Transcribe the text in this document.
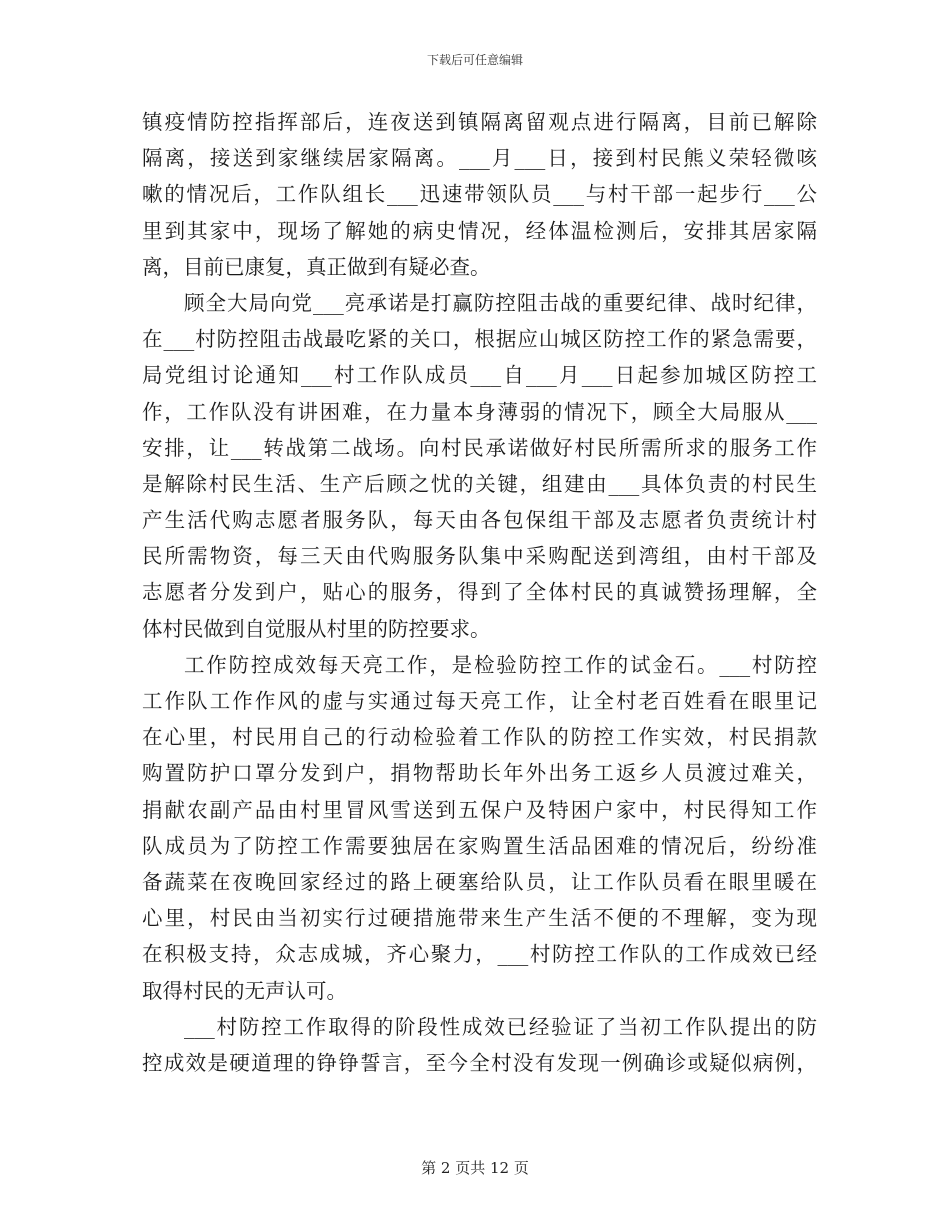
下载后可任意编辑
镇疫情防控指挥部后，连夜送到镇隔离留观点进行隔离，目前已解除
隔离，接送到家继续居家隔离。___月___日，接到村民熊义荣轻微咳
嗽的情况后，工作队组长___迅速带领队员___与村干部一起步行___公
里到其家中，现场了解她的病史情况，经体温检测后，安排其居家隔
离，目前已康复，真正做到有疑必查。
顾全大局向党___亮承诺是打赢防控阻击战的重要纪律、战时纪律，
在___村防控阻击战最吃紧的关口，根据应山城区防控工作的紧急需要，
局党组讨论通知___村工作队成员___自___月___日起参加城区防控工
作，工作队没有讲困难，在力量本身薄弱的情况下，顾全大局服从___
安排，让___转战第二战场。向村民承诺做好村民所需所求的服务工作
是解除村民生活、生产后顾之忧的关键，组建由___具体负责的村民生
产生活代购志愿者服务队，每天由各包保组干部及志愿者负责统计村
民所需物资，每三天由代购服务队集中采购配送到湾组，由村干部及
志愿者分发到户，贴心的服务，得到了全体村民的真诚赞扬理解，全
体村民做到自觉服从村里的防控要求。
工作防控成效每天亮工作，是检验防控工作的试金石。___村防控
工作队工作作风的虚与实通过每天亮工作，让全村老百姓看在眼里记
在心里，村民用自己的行动检验着工作队的防控工作实效，村民捐款
购置防护口罩分发到户，捐物帮助长年外出务工返乡人员渡过难关，
捐献农副产品由村里冒风雪送到五保户及特困户家中，村民得知工作
队成员为了防控工作需要独居在家购置生活品困难的情况后，纷纷准
备蔬菜在夜晚回家经过的路上硬塞给队员，让工作队员看在眼里暖在
心里，村民由当初实行过硬措施带来生产生活不便的不理解，变为现
在积极支持，众志成城，齐心聚力，___村防控工作队的工作成效已经
取得村民的无声认可。
___村防控工作取得的阶段性成效已经验证了当初工作队提出的防
控成效是硬道理的铮铮誓言，至今全村没有发现一例确诊或疑似病例，
第 2 页共 12 页
